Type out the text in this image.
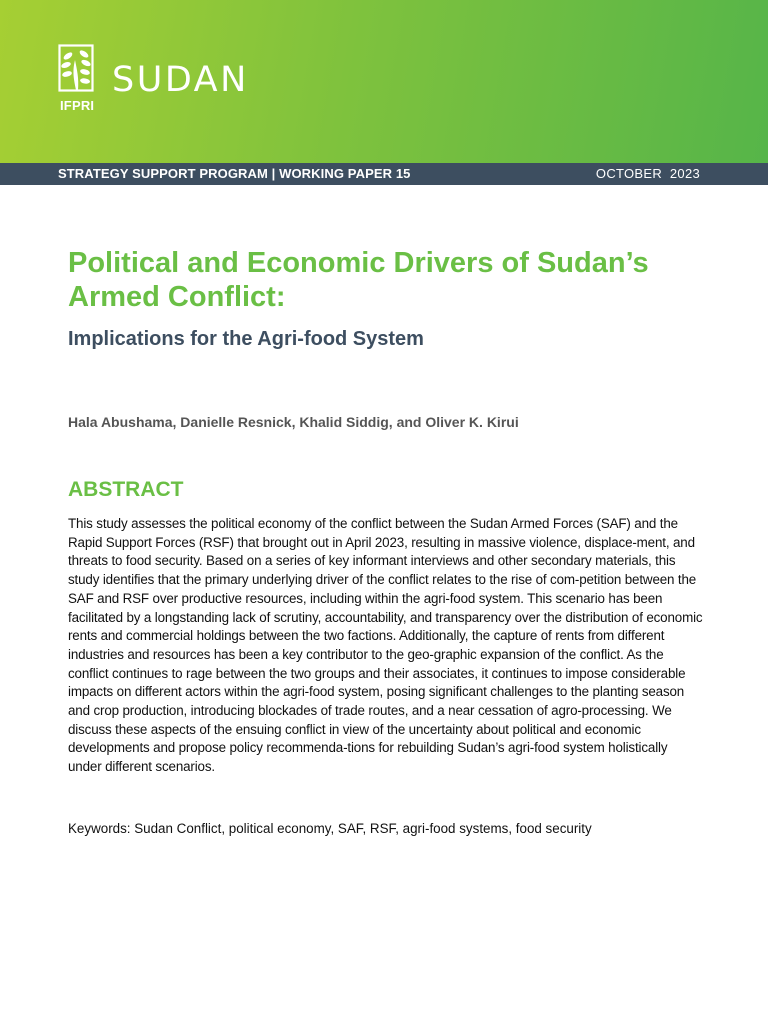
IFPRI
SUDAN
STRATEGY SUPPORT PROGRAM | WORKING PAPER 15	OCTOBER  2023
Political and Economic Drivers of Sudan’s Armed Conflict:
Implications for the Agri-food System

Hala Abushama, Danielle Resnick, Khalid Siddig, and Oliver K. Kirui

ABSTRACT

This study assesses the political economy of the conflict between the Sudan Armed Forces (SAF) and the Rapid Support Forces (RSF) that brought out in April 2023, resulting in massive violence, displace-ment, and threats to food security. Based on a series of key informant interviews and other secondary materials, this study identifies that the primary underlying driver of the conflict relates to the rise of com-petition between the SAF and RSF over productive resources, including within the agri-food system. This scenario has been facilitated by a longstanding lack of scrutiny, accountability, and transparency over the distribution of economic rents and commercial holdings between the two factions. Additionally, the capture of rents from different industries and resources has been a key contributor to the geo-graphic expansion of the conflict. As the conflict continues to rage between the two groups and their associates, it continues to impose considerable impacts on different actors within the agri-food system, posing significant challenges to the planting season and crop production, introducing blockades of trade routes, and a near cessation of agro-processing. We discuss these aspects of the ensuing conflict in view of the uncertainty about political and economic developments and propose policy recommenda-tions for rebuilding Sudan’s agri-food system holistically under different scenarios.

Keywords: Sudan Conflict, political economy, SAF, RSF, agri-food systems, food security
